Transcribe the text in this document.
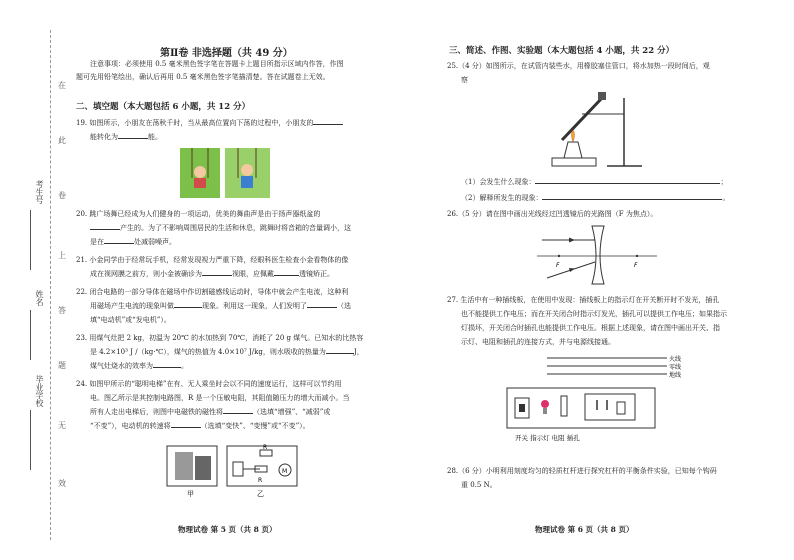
考生号
姓名
毕业学校
在
此
卷
上
答
题
无
效
第Ⅱ卷 非选择题（共 49 分）
注意事项：必须使用 0.5 毫米黑色签字笔在答题卡上题目所指示区域内作答，作图
题可先用铅笔绘出，确认后再用 0.5 毫米黑色签字笔描清楚。答在试题卷上无效。
二、填空题（本大题包括 6 小题，共 12 分）
19. 如图所示，小朋友在荡秋千时，当从最高位置向下荡的过程中，小朋友的
能转化为	能。
20. 跳广场舞已经成为人们健身的一项运动，优美的舞曲声是由于扬声器纸盆的
产生的。为了不影响周围居民的生活和休息，跳舞时将音箱的音量调小，这
是在	处减弱噪声。
21. 小金同学由于经常玩手机，经常发现视力严重下降，经眼科医生检查小金看物体的像
成在视网膜之前方，则小金被确诊为	视眼，应佩戴	透镜矫正。
22. 闭合电路的一部分导体在磁场中作切割磁感线运动时，导体中就会产生电流，这种利
用磁场产生电流的现象叫做	现象。利用这一现象，人们发明了	（选
填“电动机”或“发电机”）。
23. 用煤气灶把 2 kg，初温为 20℃ 的水加热到 70℃，消耗了 20 g 煤气。已知水的比热容
是 4.2×10³ J /（kg·℃），煤气的热值为 4.0×10⁷ J/kg，则水吸收的热量为	J，
煤气灶烧水的效率为	。
24. 如图甲所示的“聪明电梯”在有、无人乘坐时会以不同的速度运行，这样可以节约用
电。图乙所示是其控制电路图，R 是一个压敏电阻，其阻值随压力的增大而减小。当
所有人走出电梯后，则图中电磁铁的磁性将	（选填“增强”、“减弱”或
“不变”），电动机的转速将	（选填“变快”、“变慢”或“不变”）。
甲
R
R
M
乙
物理试卷 第 5 页（共 8 页）
三、简述、作图、实验题（本大题包括 4 小题，共 22 分）
25.（4 分）如图所示，在试管内装些水，用橡胶塞住管口，将水加热一段时间后，观
察
（1）会发生什么现象：	；
（2）解释所发生的现象：	。
26.（5 分）请在图中画出光线经过凹透镜后的光路图（F 为焦点）。
F	F
27. 生活中有一种插线板，在使用中发现：插线板上的指示灯在开关断开时不发光，插孔
也不能提供工作电压；而在开关闭合时指示灯发光，插孔可以提供工作电压；如果指示
灯损坏，开关闭合时插孔也能提供工作电压。根据上述现象，请在图中画出开关、指
示灯、电阻和插孔的连接方式，并与电源线接通。
火线
零线
地线
开关 指示灯 电阻 插孔
28.（6 分）小明利用刻度均匀的轻质杠杆进行探究杠杆的平衡条件实验，已知每个钩码
重 0.5 N。
物理试卷 第 6 页（共 8 页）
